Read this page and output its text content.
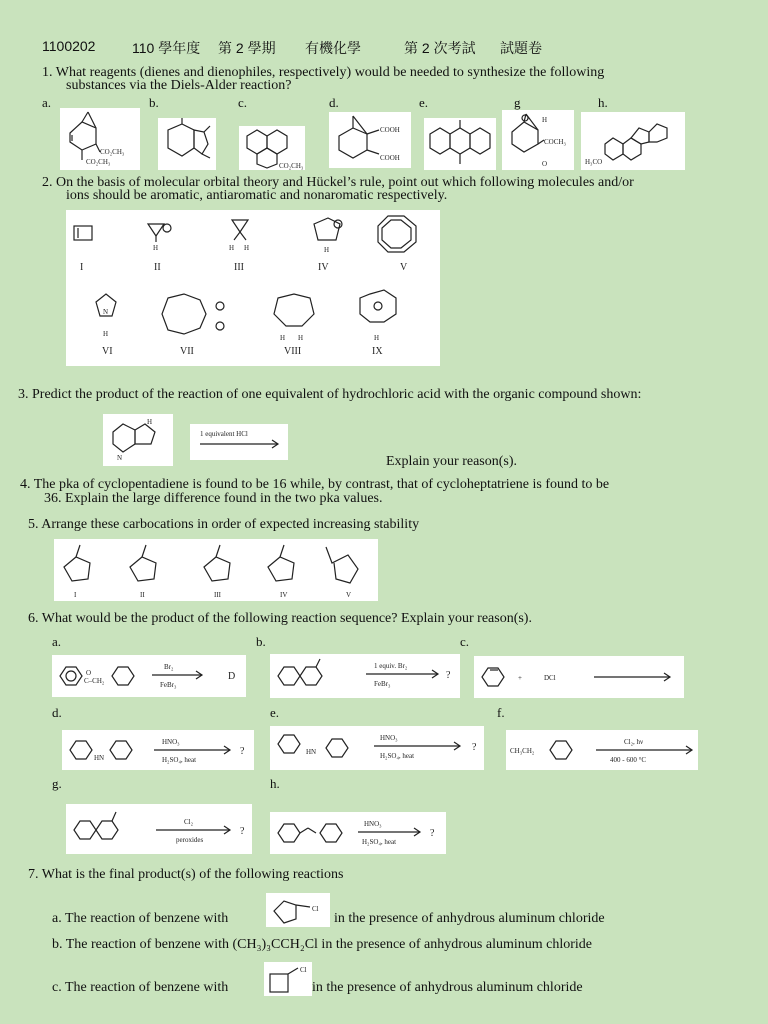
1100202	110 學年度 第 2 學期 有機化學	第 2 次考試 試題卷
1. What reagents (dienes and dienophiles, respectively) would be needed to synthesize the following
substances via the Diels-Alder reaction?
a.	b.	c.	d.	e.	g	h.
CO₂CH₃
CO₂CH₃	CO₂CH₃
COOH
COOH
H
COCH₃
O	H₃CO
2. On the basis of molecular orbital theory and Hückel’s rule, point out which following molecules and/or
ions should be aromatic, antiaromatic and nonaromatic respectively.
I
H
II
H H
III
H
IV	V
N
H
VI	VII
H H
VIII
H
IX
3. Predict the product of the reaction of one equivalent of hydrochloric acid with the organic compound shown:
N
H
1 equivalent HCl
Explain your reason(s).
4. The pka of cyclopentadiene is found to be 16 while, by contrast, that of cycloheptatriene is found to be
36. Explain the large difference found in the two pka values.
5. Arrange these carbocations in order of expected increasing stability
I	II	III	IV	V
6. What would be the product of the following reaction sequence? Explain your reason(s).
a.	b.	c.
d.	e.	f.
g.	h.
O
C–CH₂
Br₂
FeBr₃
D
1 equiv. Br₂
FeBr₃
?	+	DCl
HN
HNO₃
H₂SO₄, heat
?	HN
HNO₃
H₂SO₄, heat
?	CH₃CH₂
Cl₂, hν
400 - 600 °C
Cl₂
peroxides
?
HNO₃
H₂SO₄, heat
?
7. What is the final product(s) of the following reactions
a. The reaction of benzene with
Cl
in the presence of anhydrous aluminum chloride
b. The reaction of benzene with (CH₃)₃CCH₂Cl in the presence of anhydrous aluminum chloride
c. The reaction of benzene with
Cl
in the presence of anhydrous aluminum chloride
